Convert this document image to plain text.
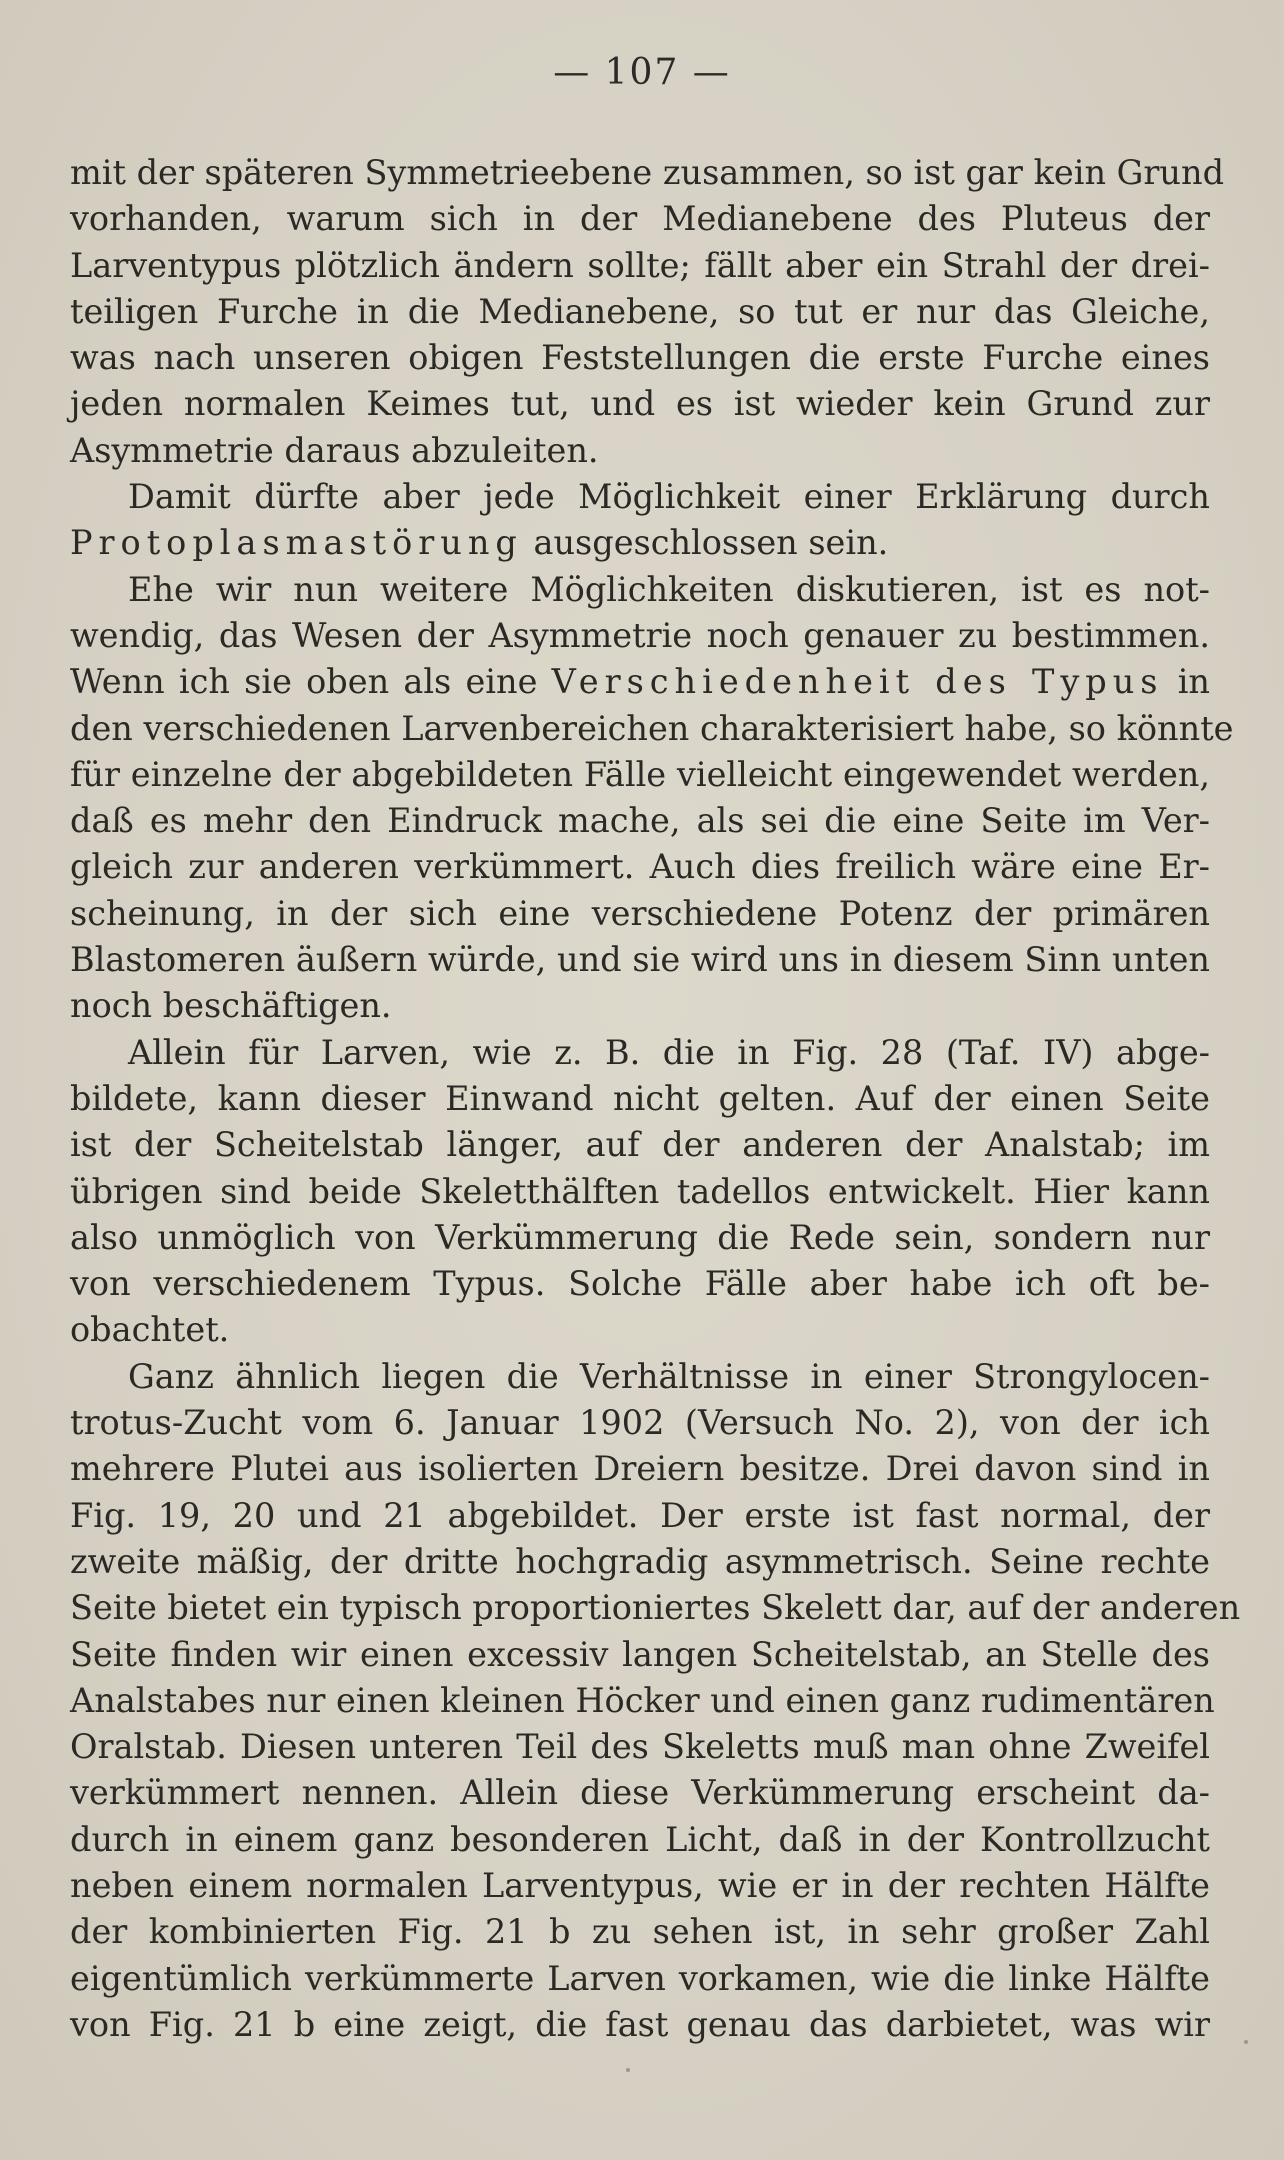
— 107 —
mit der späteren Symmetrieebene zusammen, so ist gar kein Grund
vorhanden, warum sich in der Medianebene des Pluteus der
Larventypus plötzlich ändern sollte; fällt aber ein Strahl der drei-
teiligen Furche in die Medianebene, so tut er nur das Gleiche,
was nach unseren obigen Feststellungen die erste Furche eines
jeden normalen Keimes tut, und es ist wieder kein Grund zur
Asymmetrie daraus abzuleiten.
Damit dürfte aber jede Möglichkeit einer Erklärung durch
Protoplasmastörung ausgeschlossen sein.
Ehe wir nun weitere Möglichkeiten diskutieren, ist es not-
wendig, das Wesen der Asymmetrie noch genauer zu bestimmen.
Wenn ich sie oben als eine Verschiedenheit des Typus in
den verschiedenen Larvenbereichen charakterisiert habe, so könnte
für einzelne der abgebildeten Fälle vielleicht eingewendet werden,
daß es mehr den Eindruck mache, als sei die eine Seite im Ver-
gleich zur anderen verkümmert. Auch dies freilich wäre eine Er-
scheinung, in der sich eine verschiedene Potenz der primären
Blastomeren äußern würde, und sie wird uns in diesem Sinn unten
noch beschäftigen.
Allein für Larven, wie z. B. die in Fig. 28 (Taf. IV) abge-
bildete, kann dieser Einwand nicht gelten. Auf der einen Seite
ist der Scheitelstab länger, auf der anderen der Analstab; im
übrigen sind beide Skeletthälften tadellos entwickelt. Hier kann
also unmöglich von Verkümmerung die Rede sein, sondern nur
von verschiedenem Typus. Solche Fälle aber habe ich oft be-
obachtet.
Ganz ähnlich liegen die Verhältnisse in einer Strongylocen-
trotus-Zucht vom 6. Januar 1902 (Versuch No. 2), von der ich
mehrere Plutei aus isolierten Dreiern besitze. Drei davon sind in
Fig. 19, 20 und 21 abgebildet. Der erste ist fast normal, der
zweite mäßig, der dritte hochgradig asymmetrisch. Seine rechte
Seite bietet ein typisch proportioniertes Skelett dar, auf der anderen
Seite finden wir einen excessiv langen Scheitelstab, an Stelle des
Analstabes nur einen kleinen Höcker und einen ganz rudimentären
Oralstab. Diesen unteren Teil des Skeletts muß man ohne Zweifel
verkümmert nennen. Allein diese Verkümmerung erscheint da-
durch in einem ganz besonderen Licht, daß in der Kontrollzucht
neben einem normalen Larventypus, wie er in der rechten Hälfte
der kombinierten Fig. 21 b zu sehen ist, in sehr großer Zahl
eigentümlich verkümmerte Larven vorkamen, wie die linke Hälfte
von Fig. 21 b eine zeigt, die fast genau das darbietet, was wir
